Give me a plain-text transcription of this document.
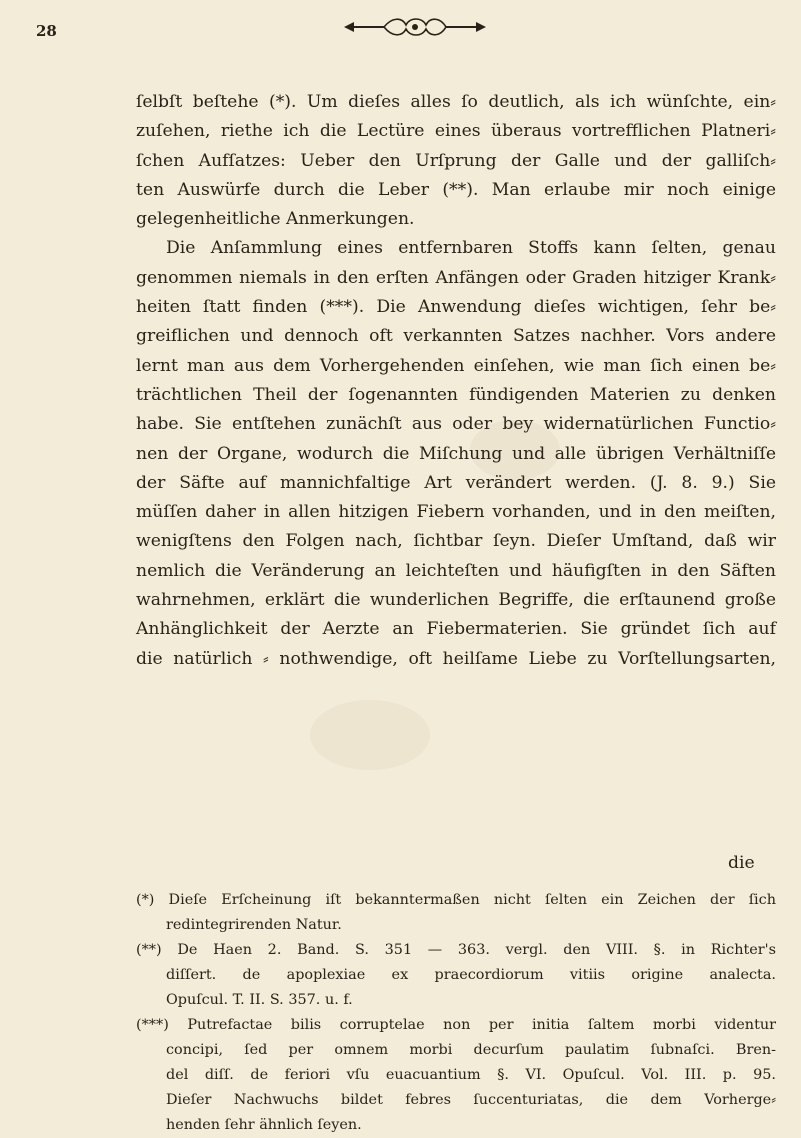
28
ſelbſt beſtehe (*). Um dieſes alles ſo deutlich, als ich wünſchte, ein⸗
zuſehen, riethe ich die Lectüre eines überaus vortrefflichen Platneri⸗
ſchen Aufſatzes: Ueber den Urſprung der Galle und der galliſch⸗
ten Auswürfe durch die Leber (**). Man erlaube mir noch einige
gelegenheitliche Anmerkungen.
Die Anſammlung eines entfernbaren Stoffs kann ſelten, genau
genommen niemals in den erſten Anfängen oder Graden hitziger Krank⸗
heiten ſtatt finden (***). Die Anwendung dieſes wichtigen, ſehr be⸗
greiflichen und dennoch oft verkannten Satzes nachher. Vors andere
lernt man aus dem Vorhergehenden einſehen, wie man ſich einen be⸗
trächtlichen Theil der ſogenannten fündigenden Materien zu denken
habe. Sie entſtehen zunächſt aus oder bey widernatürlichen Functio⸗
nen der Organe, wodurch die Miſchung und alle übrigen Verhältniſſe
der Säfte auf mannichfaltige Art verändert werden. (J. 8. 9.) Sie
müſſen daher in allen hitzigen Fiebern vorhanden, und in den meiſten,
wenigſtens den Folgen nach, ſichtbar ſeyn. Dieſer Umſtand, daß wir
nemlich die Veränderung an leichteſten und häufigſten in den Säften
wahrnehmen, erklärt die wunderlichen Begriffe, die erſtaunend große
Anhänglichkeit der Aerzte an Fiebermaterien. Sie gründet ſich auf
die natürlich ⸗ nothwendige, oft heilſame Liebe zu Vorſtellungsarten,
die
(*) Dieſe Erſcheinung iſt bekanntermaßen nicht ſelten ein Zeichen der ſich
redintegrirenden Natur.
(**) De Haen 2. Band. S. 351 — 363. vergl. den VIII. §. in Richter's
diſſert. de apoplexiae ex praecordiorum vitiis origine analecta.
Opuſcul. T. II. S. 357. u. f.
(***) Putrefactae bilis corruptelae non per initia ſaltem morbi videntur
concipi, ſed per omnem morbi decurſum paulatim ſubnaſci. Bren-
del diſſ. de feriori vſu euacuantium §. VI. Opuſcul. Vol. III. p. 95.
Dieſer Nachwuchs bildet febres ſuccenturiatas, die dem Vorherge⸗
henden ſehr ähnlich ſeyen.
